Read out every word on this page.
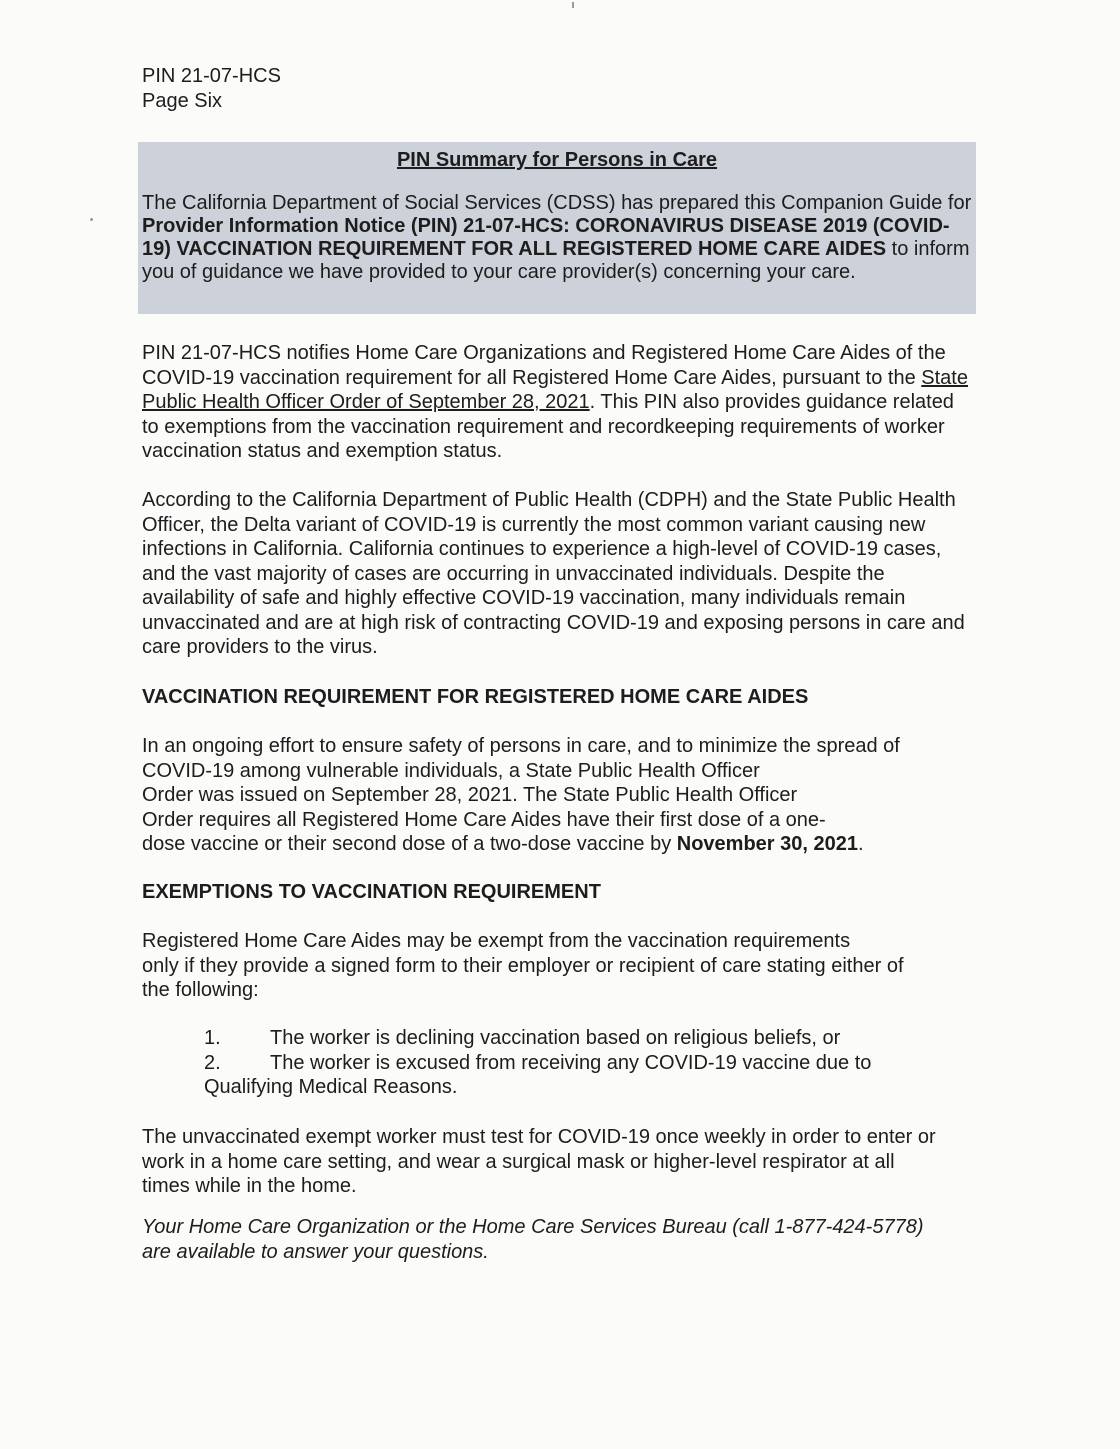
PIN 21-07-HCS
Page Six
PIN Summary for Persons in Care
The California Department of Social Services (CDSS) has prepared this Companion Guide for Provider Information Notice (PIN) 21-07-HCS: CORONAVIRUS DISEASE 2019 (COVID-19) VACCINATION REQUIREMENT FOR ALL REGISTERED HOME CARE AIDES to inform you of guidance we have provided to your care provider(s) concerning your care.
PIN 21-07-HCS notifies Home Care Organizations and Registered Home Care Aides of the COVID-19 vaccination requirement for all Registered Home Care Aides, pursuant to the State Public Health Officer Order of September 28, 2021. This PIN also provides guidance related to exemptions from the vaccination requirement and recordkeeping requirements of worker vaccination status and exemption status.
According to the California Department of Public Health (CDPH) and the State Public Health Officer, the Delta variant of COVID-19 is currently the most common variant causing new infections in California. California continues to experience a high-level of COVID-19 cases, and the vast majority of cases are occurring in unvaccinated individuals. Despite the availability of safe and highly effective COVID-19 vaccination, many individuals remain unvaccinated and are at high risk of contracting COVID-19 and exposing persons in care and care providers to the virus.
VACCINATION REQUIREMENT FOR REGISTERED HOME CARE AIDES
In an ongoing effort to ensure safety of persons in care, and to minimize the spread of
COVID-19 among vulnerable individuals, a State Public Health Officer
Order was issued on September 28, 2021. The State Public Health Officer
Order requires all Registered Home Care Aides have their first dose of a one-
dose vaccine or their second dose of a two-dose vaccine by November 30, 2021.
EXEMPTIONS TO VACCINATION REQUIREMENT
Registered Home Care Aides may be exempt from the vaccination requirements
only if they provide a signed form to their employer or recipient of care stating either of
the following:
1. The worker is declining vaccination based on religious beliefs, or
2. The worker is excused from receiving any COVID-19 vaccine due to
Qualifying Medical Reasons.
The unvaccinated exempt worker must test for COVID-19 once weekly in order to enter or work in a home care setting, and wear a surgical mask or higher-level respirator at all times while in the home.
Your Home Care Organization or the Home Care Services Bureau (call 1-877-424-5778) are available to answer your questions.
